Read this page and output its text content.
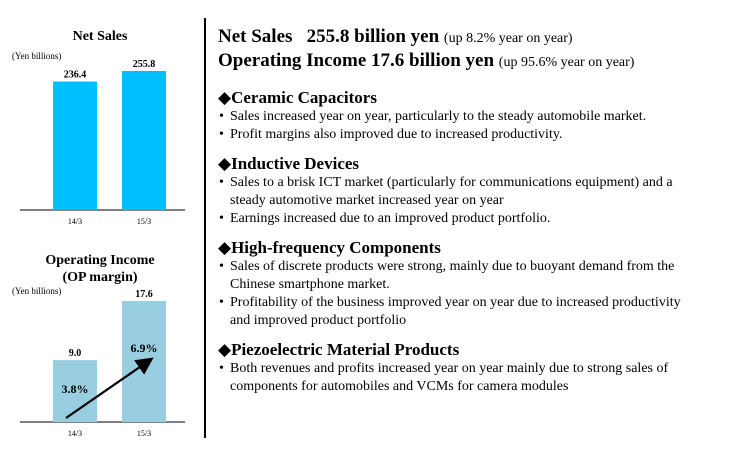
Net Sales
(Yen billions)
236.4
14/3
255.8
15/3
Operating Income
(OP margin)
(Yen billions)
9.0
14/3
17.6
15/3
3.8%
6.9%
Net Sales 255.8 billion yen (up 8.2% year on year)
Operating Income 17.6 billion yen (up 95.6% year on year)
◆Ceramic Capacitors
• Sales increased year on year, particularly to the steady automobile market.
• Profit margins also improved due to increased productivity.
◆Inductive Devices
• Sales to a brisk ICT market (particularly for communications equipment) and a steady automotive market increased year on year
• Earnings increased due to an improved product portfolio.
◆High-frequency Components
• Sales of discrete products were strong, mainly due to buoyant demand from the Chinese smartphone market.
• Profitability of the business improved year on year due to increased productivity and improved product portfolio
◆Piezoelectric Material Products
• Both revenues and profits increased year on year mainly due to strong sales of components for automobiles and VCMs for camera modules
